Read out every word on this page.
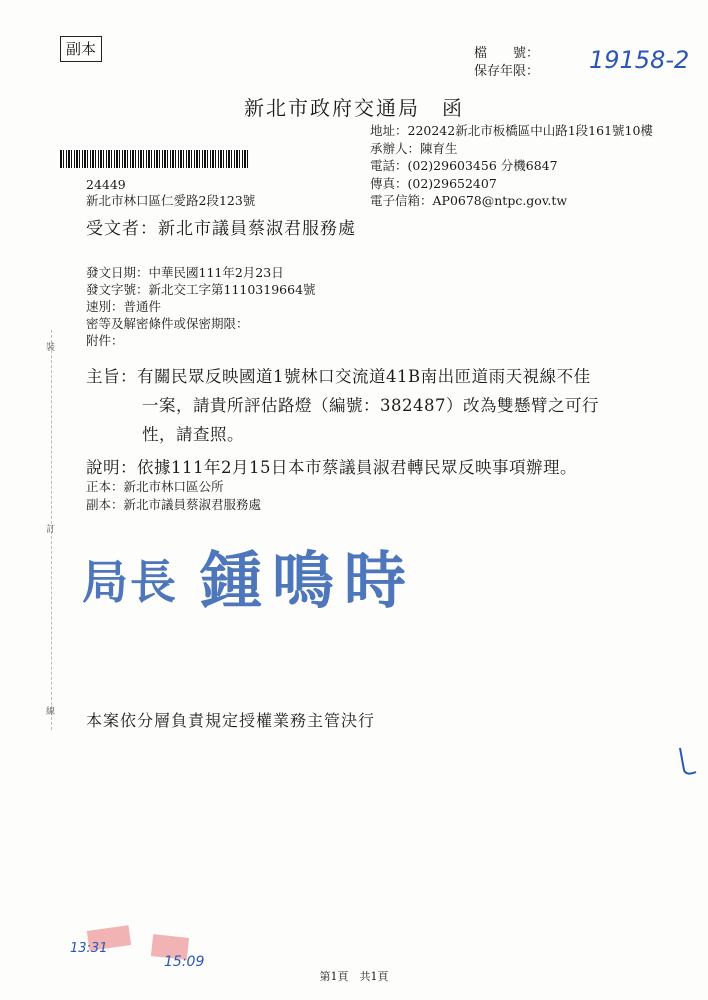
裝
訂
線
副本	檔　　號：
保存年限： 19158-2
新北市政府交通局　函
地址：220242新北市板橋區中山路1段161號10樓
承辦人：陳育生
電話：(02)29603456 分機6847
傳真：(02)29652407
電子信箱：AP0678@ntpc.gov.tw
24449
新北市林口區仁愛路2段123號
受文者：新北市議員蔡淑君服務處
發文日期：中華民國111年2月23日
發文字號：新北交工字第1110319664號
速別：普通件
密等及解密條件或保密期限：
附件：
主旨：有關民眾反映國道1號林口交流道41B南出匝道雨天視線不佳
一案，請貴所評估路燈（編號：382487）改為雙懸臂之可行
性，請查照。
說明：依據111年2月15日本市蔡議員淑君轉民眾反映事項辦理。
正本：新北市林口區公所
副本：新北市議員蔡淑君服務處
局長 鍾鳴時
本案依分層負責規定授權業務主管決行
13:31
15:09
第1頁　共1頁
